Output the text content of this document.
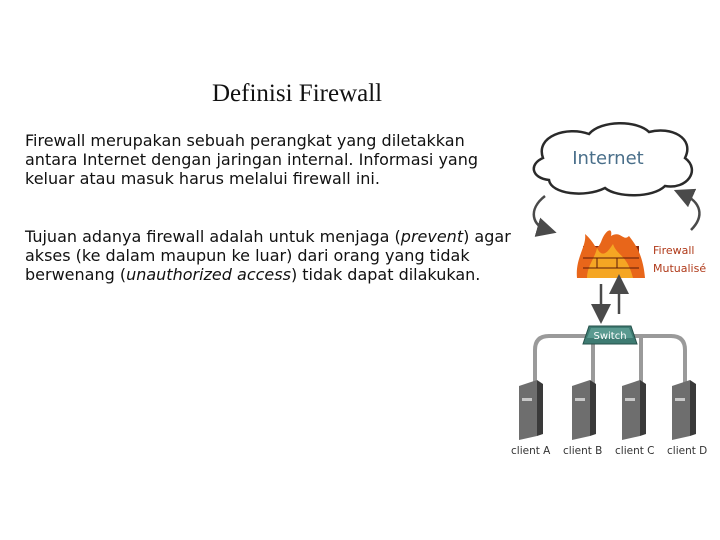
Definisi Firewall

Firewall merupakan sebuah perangkat yang diletakkan antara Internet dengan jaringan internal. Informasi yang keluar atau masuk harus melalui firewall ini.

Tujuan adanya firewall adalah untuk menjaga (prevent) agar akses (ke dalam maupun ke luar) dari orang yang tidak berwenang (unauthorized access) tidak dapat dilakukan.

Internet
Firewall
Mutualisé
Switch
client A client B client C client D
